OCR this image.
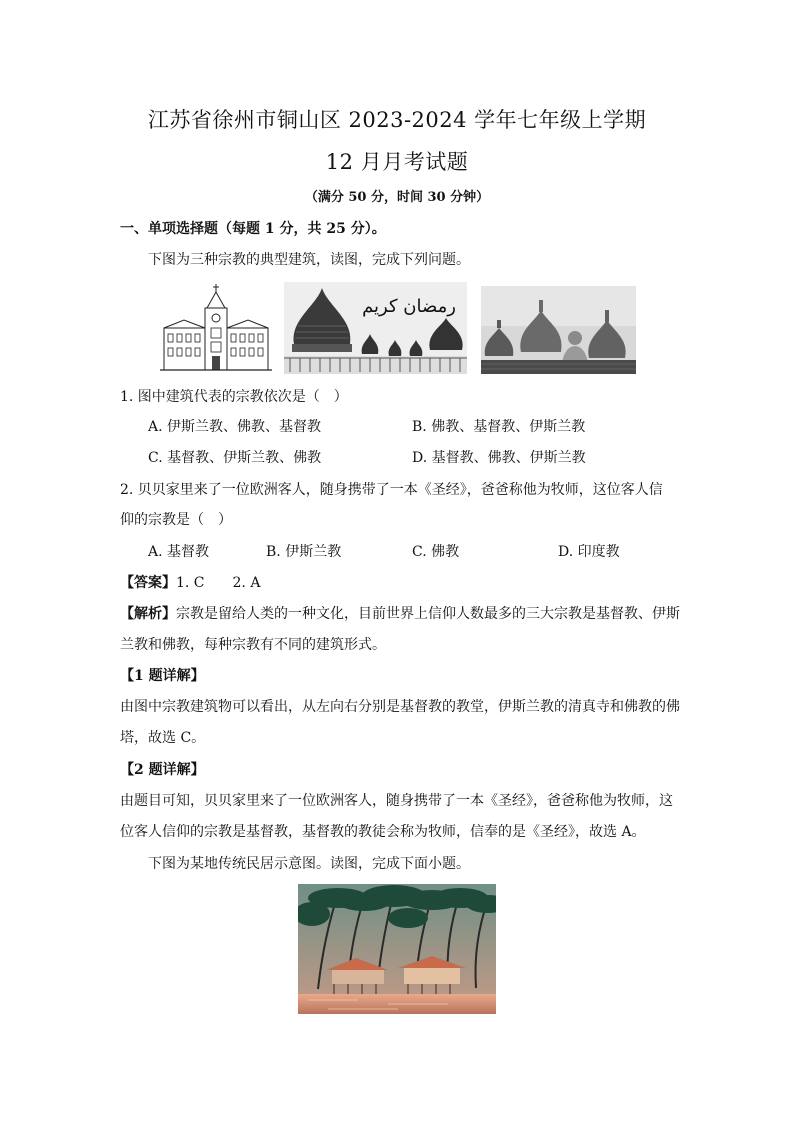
江苏省徐州市铜山区 2023-2024 学年七年级上学期
12 月月考试题
（满分 50 分，时间 30 分钟）
一、单项选择题（每题 1 分，共 25 分）。
下图为三种宗教的典型建筑，读图，完成下列问题。
رمضان كريم
1. 图中建筑代表的宗教依次是（　）
A. 伊斯兰教、佛教、基督教	B. 佛教、基督教、伊斯兰教
C. 基督教、伊斯兰教、佛教	D. 基督教、佛教、伊斯兰教
2. 贝贝家里来了一位欧洲客人，随身携带了一本《圣经》，爸爸称他为牧师，这位客人信
仰的宗教是（　）
A. 基督教	B. 伊斯兰教	C. 佛教	D. 印度教
【答案】1. C　　2. A
【解析】宗教是留给人类的一种文化，目前世界上信仰人数最多的三大宗教是基督教、伊斯
兰教和佛教，每种宗教有不同的建筑形式。
【1 题详解】
由图中宗教建筑物可以看出，从左向右分别是基督教的教堂，伊斯兰教的清真寺和佛教的佛
塔，故选 C。
【2 题详解】
由题目可知，贝贝家里来了一位欧洲客人，随身携带了一本《圣经》，爸爸称他为牧师，这
位客人信仰的宗教是基督教，基督教的教徒会称为牧师，信奉的是《圣经》，故选 A。
下图为某地传统民居示意图。读图，完成下面小题。
